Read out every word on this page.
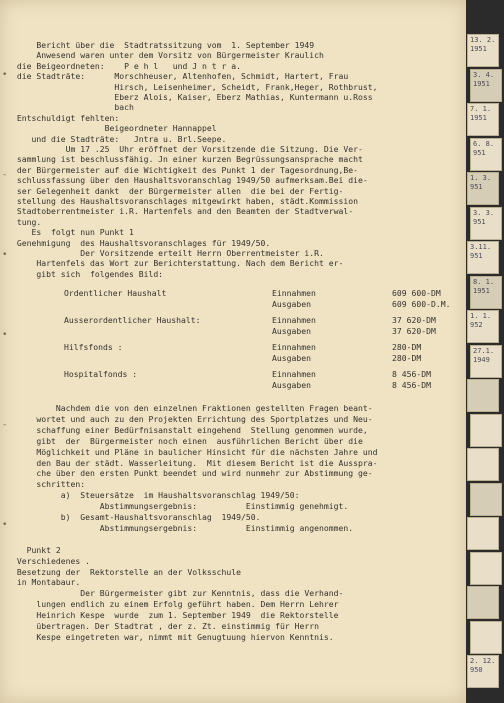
•
-
•
•
-
•
Bericht über die  Stadtratssitzung vom  1. September 1949
Anwesend waren unter dem Vorsitz von Bürgermeister Kraulich
die Beigeordneten:    P e h l   und J n t r a.
die Stadträte:      Morschheuser, Altenhofen, Schmidt, Hartert, Frau
Hirsch, Leisenheimer, Scheidt, Frank,Heger, Rothbrust,
Eberz Alois, Kaiser, Eberz Mathias, Kuntermann u.Ross
bach
Entschuldigt fehlten:
Beigeordneter Hannappel
und die Stadträte:   Jntra u. Brl.Seepe.
Um 17 .25  Uhr eröffnet der Vorsitzende die Sitzung. Die Ver-
sammlung ist beschlussfähig. Jn einer kurzen Begrüssungsansprache macht
der Bürgermeister auf die Wichtigkeit des Punkt 1 der Tagesordnung,Be-
schlussfassung über den Haushaltsvoranschlag 1949/50 aufmerksam.Bei die-
ser Gelegenheit dankt  der Bürgermeister allen  die bei der Fertig-
stellung des Haushaltsvoranschlages mitgewirkt haben, städt.Kommission
Stadtoberrentmeister i.R. Hartenfels and den Beamten der Stadtverwal-
tung.
Es  folgt nun Punkt 1
Genehmigung  des Haushaltsvoranschlages für 1949/50.
Der Vorsitzende erteilt Herrn Oberrentmeister i.R.
Hartenfels das Wort zur Berichterstattung. Nach dem Bericht er-
gibt sich  folgendes Bild:
Ordentlicher Haushalt	Einnahmen	609 600-DM
Ausgaben	609 600-D.M.
Ausserordentlicher Haushalt:	Einnahmen	37 620-DM
Ausgaben	37 620-DM
Hilfsfonds :	Einnahmen	280-DM
Ausgaben	280-DM
Hospitalfonds :	Einnahmen	8 456-DM
Ausgaben	8 456-DM
Nachdem die von den einzelnen Fraktionen gestellten Fragen beant-
wortet und auch zu den Projekten Errichtung des Sportplatzes und Neu-
schaffung einer Bedürfnisanstalt eingehend  Stellung genommen wurde,
gibt  der  Bürgermeister noch einen  ausführlichen Bericht über die
Möglichkeit und Pläne in baulicher Hinsicht für die nächsten Jahre und
den Bau der städt. Wasserleitung.  Mit diesem Bericht ist die Ausspra-
che über den ersten Punkt beendet und wird nunmehr zur Abstimmung ge-
schritten:
a)  Steuersätze  im Haushaltsvoranschlag 1949/50:
Abstimmungsergebnis:          Einstimmig genehmigt.
b)  Gesamt-Haushaltsvoranschlag  1949/50.
Abstimmungsergebnis:          Einstimmig angenommen.
Punkt 2
Verschiedenes .
Besetzung der  Rektorstelle an der Volksschule
in Montabaur.
Der Bürgermeister gibt zur Kenntnis, dass die Verhand-
lungen endlich zu einem Erfolg geführt haben. Dem Herrn Lehrer
Heinrich Kespe  wurde  zum 1. September 1949  die Rektorstelle
übertragen. Der Stadtrat , der z. Zt. einstimmig für Herrn
Kespe eingetreten war, nimmt mit Genugtuung hiervon Kenntnis.
13. 2.
1951
3. 4.
1951
7. 1.
1951
6. 8.
951
1. 3.
951
3. 3.
951
3.11.
951
8. 1.
1951
1. 1.
952
27.1.
1949
2. 12.
950
